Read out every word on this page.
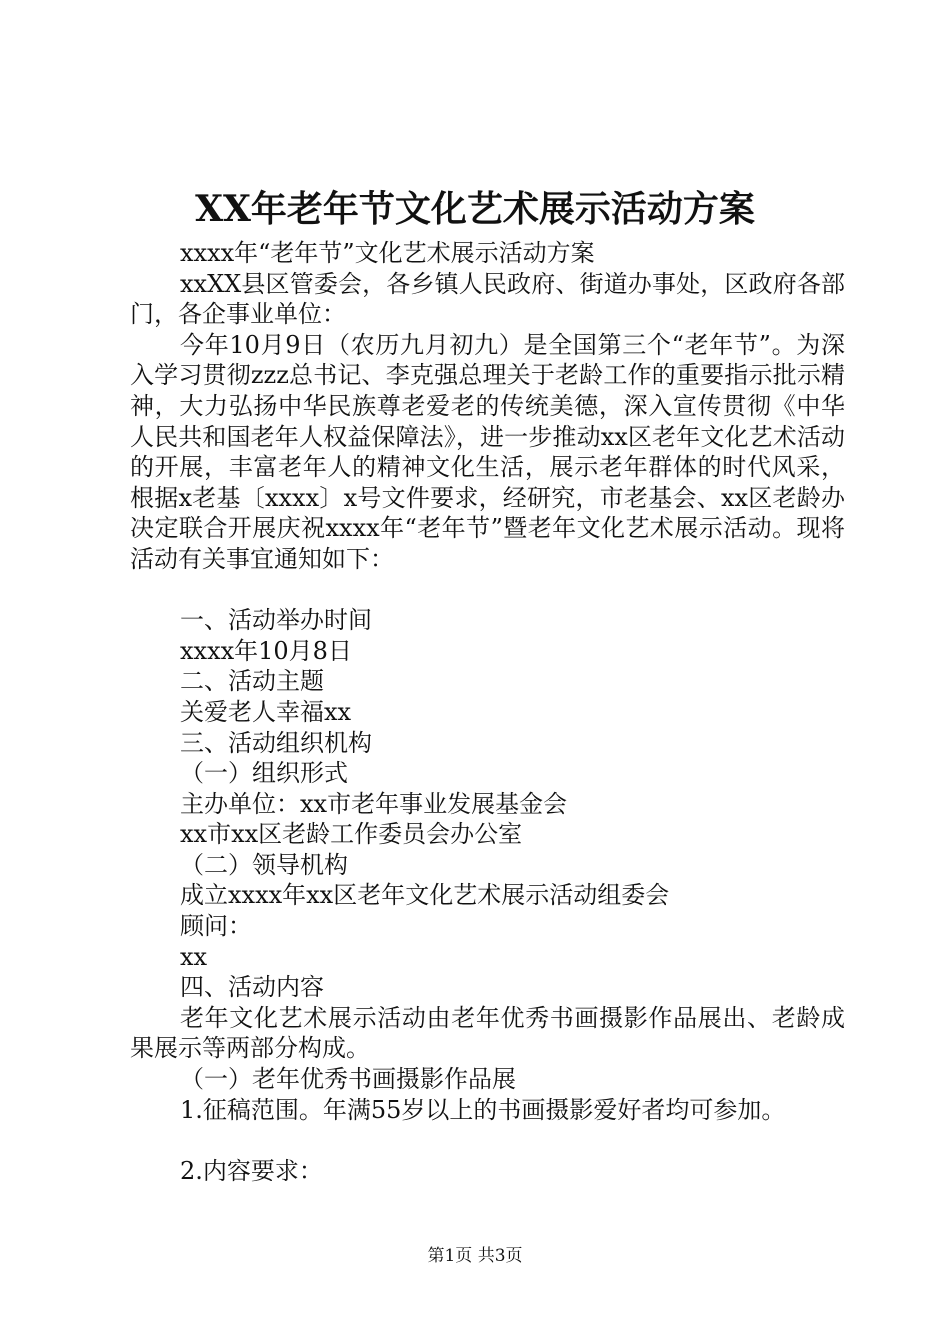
XX年老年节文化艺术展示活动方案

xxxx年“老年节”文化艺术展示活动方案

xxXX县区管委会，各乡镇人民政府、街道办事处，区政府各部门，各企事业单位：

今年10月9日（农历九月初九）是全国第三个“老年节”。为深入学习贯彻zzz总书记、李克强总理关于老龄工作的重要指示批示精神，大力弘扬中华民族尊老爱老的传统美德，深入宣传贯彻《中华人民共和国老年人权益保障法》，进一步推动xx区老年文化艺术活动的开展，丰富老年人的精神文化生活，展示老年群体的时代风采，根据x老基〔xxxx〕x号文件要求，经研究，市老基会、xx区老龄办决定联合开展庆祝xxxx年“老年节”暨老年文化艺术展示活动。现将活动有关事宜通知如下：

一、活动举办时间

xxxx年10月8日

二、活动主题

关爱老人幸福xx

三、活动组织机构

（一）组织形式

主办单位：xx市老年事业发展基金会

xx市xx区老龄工作委员会办公室

（二）领导机构

成立xxxx年xx区老年文化艺术展示活动组委会

顾问：

xx

四、活动内容

老年文化艺术展示活动由老年优秀书画摄影作品展出、老龄成果展示等两部分构成。

（一）老年优秀书画摄影作品展

1.征稿范围。年满55岁以上的书画摄影爱好者均可参加。

2.内容要求：

第1页 共3页
